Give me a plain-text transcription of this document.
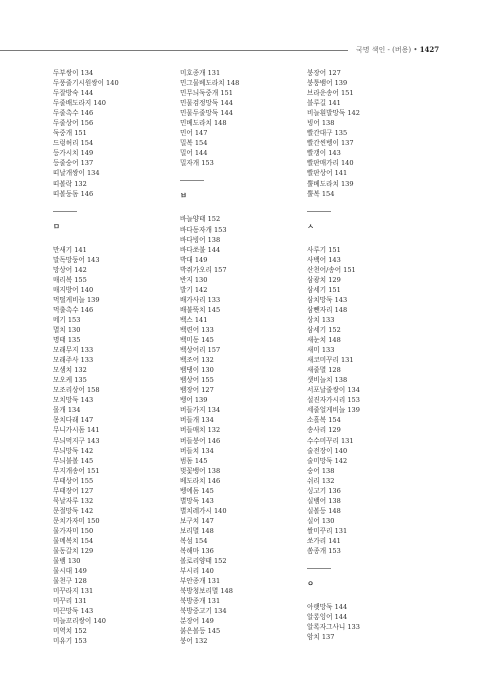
국명 색인 - (버용) • 1427
두부쌍이 134
두풍줄기시원쌍이 140
두잘방숙 144
두줄배도라지 140
두줄촉수 146
두줄상어 156
둑중개 151
드렁허리 154
등가시치 149
등줄숭어 137
띠날개쌍이 134
띠볼락 132
띠볼둥돔 146
ㅁ
만새기 141
말독망둥어 143
망상어 142
매리복 155
매지방어 140
먹떨게비늘 139
먹출촉수 146
메기 153
멸치 130
명태 135
모래무지 133
모래주사 133
모샘치 132
모오케 135
모조리상어 158
모치망둑 143
몰개 134
몽치다래 147
무니가시돔 141
무늬먹지구 143
무늬망둑 142
무늬불볼 145
무지개송어 151
무태상어 155
무태장어 127
묵날자루 132
문절망둑 142
문치가자미 150
물가자미 150
물메복치 154
물동갈치 129
물뱀 130
물시대 149
물천구 128
미꾸라지 131
미꾸리 131
미끈망둑 143
미늘꼬리쌍이 140
미역치 152
미유기 153
미호종개 131
민그물베도라치 148
민무늬둑중개 151
민물검정망둑 144
민물두줄망둑 144
민베도라치 148
민어 147
밀복 154
밀어 144
밀자개 153
ㅂ
바늘양태 152
바다동자개 153
바다빙어 138
바다쏘불 144
박대 149
박쥐가오리 157
반지 130
발기 142
배가사리 133
배불뚝치 145
백스 141
백련어 133
백미동 145
백상어리 157
백조어 132
뱀댕이 130
뱀상어 155
뱀장어 127
뱅어 139
버들가지 134
버들개 134
버들매치 132
버들붕어 146
버들치 134
범돔 145
벚꽃뱅어 138
베도라치 146
벵에돔 145
별망둑 143
별치레가시 140
보구치 147
보리멸 148
복섬 154
복해마 136
볼로리양태 152
부시리 140
부안종개 131
북방청보리멸 148
북방종개 131
북방중고기 134
분장어 149
붉은볼등 145
붕어 132
붕장어 127
붕퉁뱀어 139
브라운송어 151
블루길 141
비늘흰발망둑 142
빙어 138
빨간대구 135
빨간씬벵이 137
빨갱이 143
빨판매가리 140
빨판상어 141
뿔베도라치 139
뿔복 154
ㅅ
사루기 151
사백어 143
산천어/송어 151
삼광치 129
삼세기 151
삼치망둑 143
삼뺀자리 148
상치 133
삼세기 152
새눈치 148
새미 133
새코미꾸리 131
새줄멸 128
샛비늘치 138
서포날줄쌍이 134
설진자가시리 153
세줄얼게비늘 139
소흘복 154
송사리 129
수수미꾸리 131
술전장이 140
술미망둑 142
숭어 138
쉬리 132
싱고기 136
실뱀어 138
실볼등 148
실어 130
쌀미꾸리 131
쏘가리 141
쏨종개 153
ㅇ
아랫망둑 144
알롱잉어 144
알록자그사니 133
암치 137
